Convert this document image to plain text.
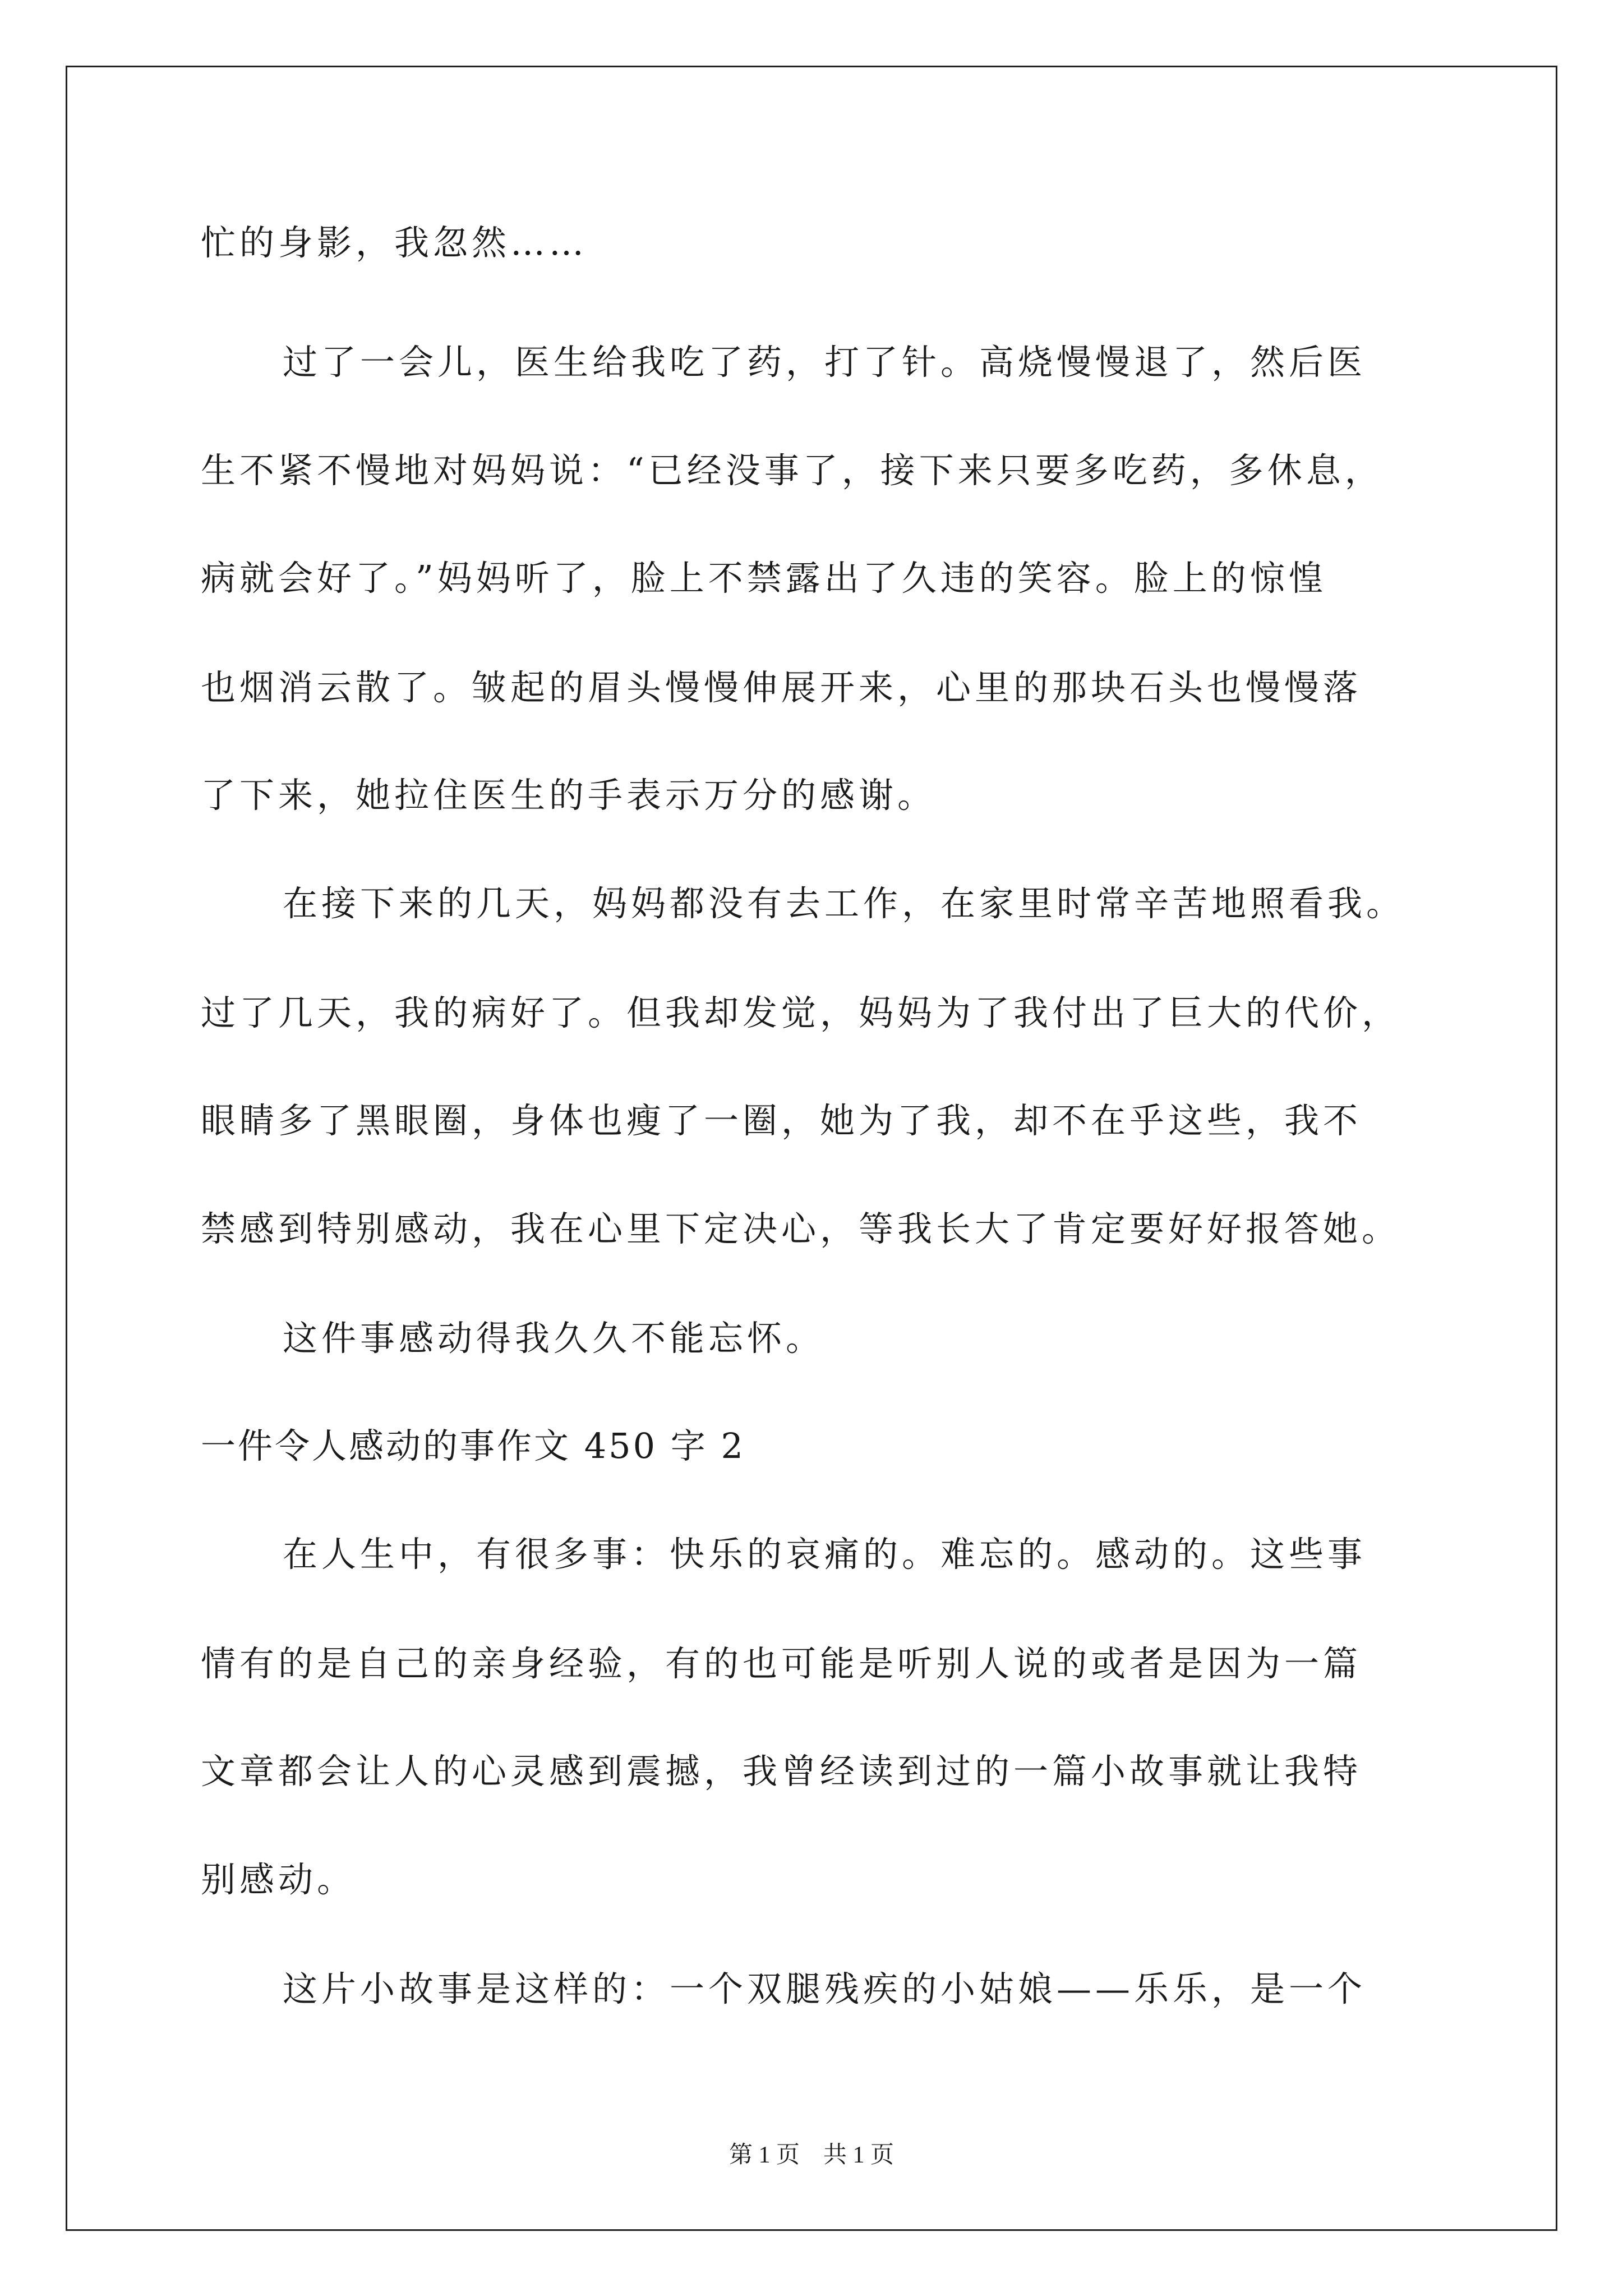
忙的身影，我忽然……
过了一会儿，医生给我吃了药，打了针。高烧慢慢退了，然后医
生不紧不慢地对妈妈说：“已经没事了，接下来只要多吃药，多休息，
病就会好了。”妈妈听了，脸上不禁露出了久违的笑容。脸上的惊惶
也烟消云散了。皱起的眉头慢慢伸展开来，心里的那块石头也慢慢落
了下来，她拉住医生的手表示万分的感谢。
在接下来的几天，妈妈都没有去工作，在家里时常辛苦地照看我。
过了几天，我的病好了。但我却发觉，妈妈为了我付出了巨大的代价，
眼睛多了黑眼圈，身体也瘦了一圈，她为了我，却不在乎这些，我不
禁感到特别感动，我在心里下定决心，等我长大了肯定要好好报答她。
这件事感动得我久久不能忘怀。
一件令人感动的事作文 450 字 2
在人生中，有很多事：快乐的哀痛的。难忘的。感动的。这些事
情有的是自己的亲身经验，有的也可能是听别人说的或者是因为一篇
文章都会让人的心灵感到震撼，我曾经读到过的一篇小故事就让我特
别感动。
这片小故事是这样的：一个双腿残疾的小姑娘——乐乐，是一个
第 1 页    共 1 页
